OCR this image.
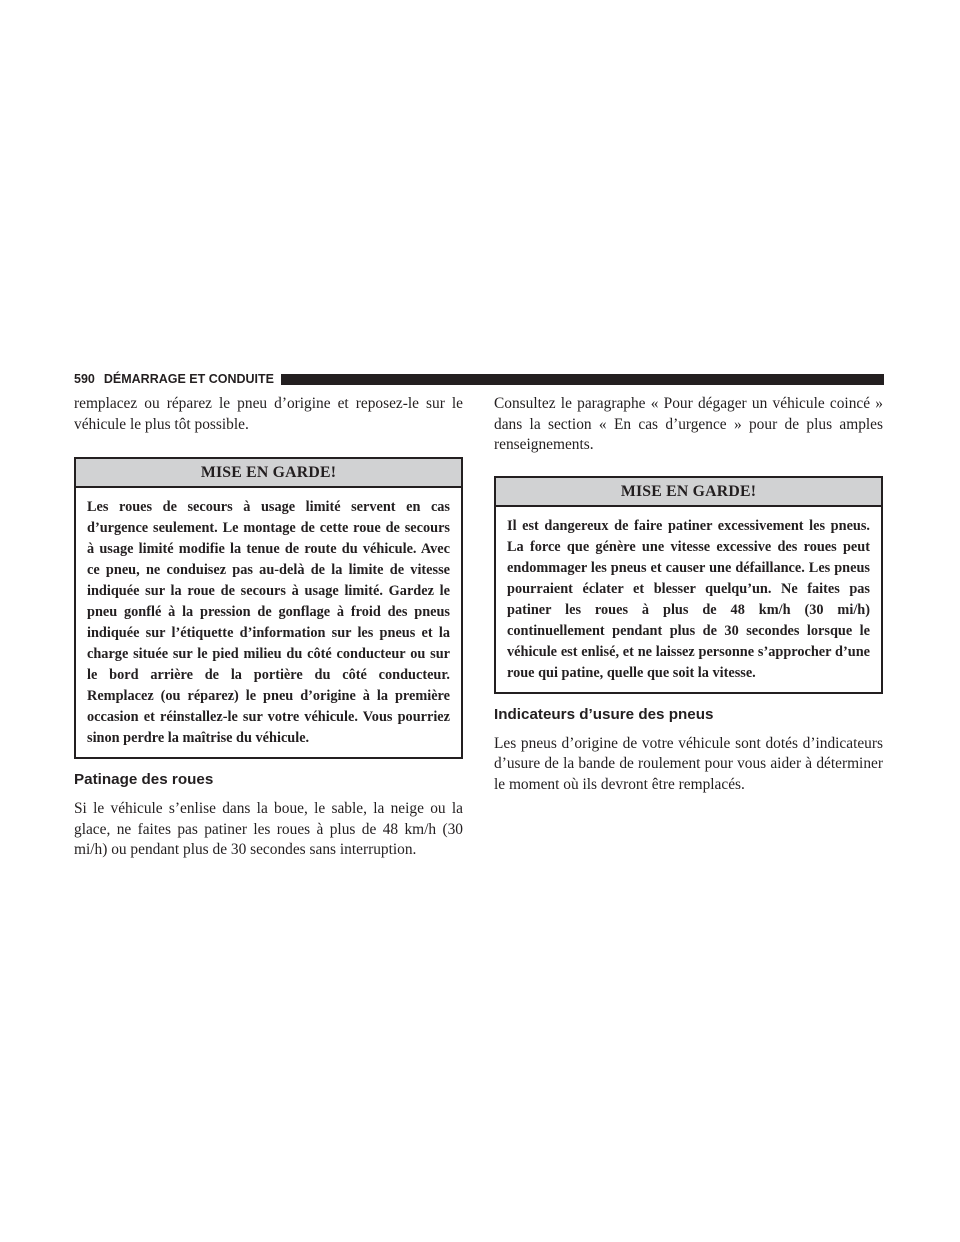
590 DÉMARRAGE ET CONDUITE

remplacez ou réparez le pneu d’origine et reposez-le sur le véhicule le plus tôt possible.

MISE EN GARDE!
Les roues de secours à usage limité servent en cas d’urgence seulement. Le montage de cette roue de secours à usage limité modifie la tenue de route du véhicule. Avec ce pneu, ne conduisez pas au-delà de la limite de vitesse indiquée sur la roue de secours à usage limité. Gardez le pneu gonflé à la pression de gonflage à froid des pneus indiquée sur l’étiquette d’information sur les pneus et la charge située sur le pied milieu du côté conducteur ou sur le bord arrière de la portière du côté conducteur. Remplacez (ou réparez) le pneu d’origine à la première occasion et réinstallez-le sur votre véhicule. Vous pourriez sinon perdre la maîtrise du véhicule.
Patinage des roues

Si le véhicule s’enlise dans la boue, le sable, la neige ou la glace, ne faites pas patiner les roues à plus de 48 km/h (30 mi/h) ou pendant plus de 30 secondes sans interruption.

Consultez le paragraphe « Pour dégager un véhicule coincé » dans la section « En cas d’urgence » pour de plus amples renseignements.

MISE EN GARDE!
Il est dangereux de faire patiner excessivement les pneus. La force que génère une vitesse excessive des roues peut endommager les pneus et causer une défaillance. Les pneus pourraient éclater et blesser quelqu’un. Ne faites pas patiner les roues à plus de 48 km/h (30 mi/h) continuellement pendant plus de 30 secondes lorsque le véhicule est enlisé, et ne laissez personne s’approcher d’une roue qui patine, quelle que soit la vitesse.
Indicateurs d’usure des pneus

Les pneus d’origine de votre véhicule sont dotés d’indicateurs d’usure de la bande de roulement pour vous aider à déterminer le moment où ils devront être remplacés.
